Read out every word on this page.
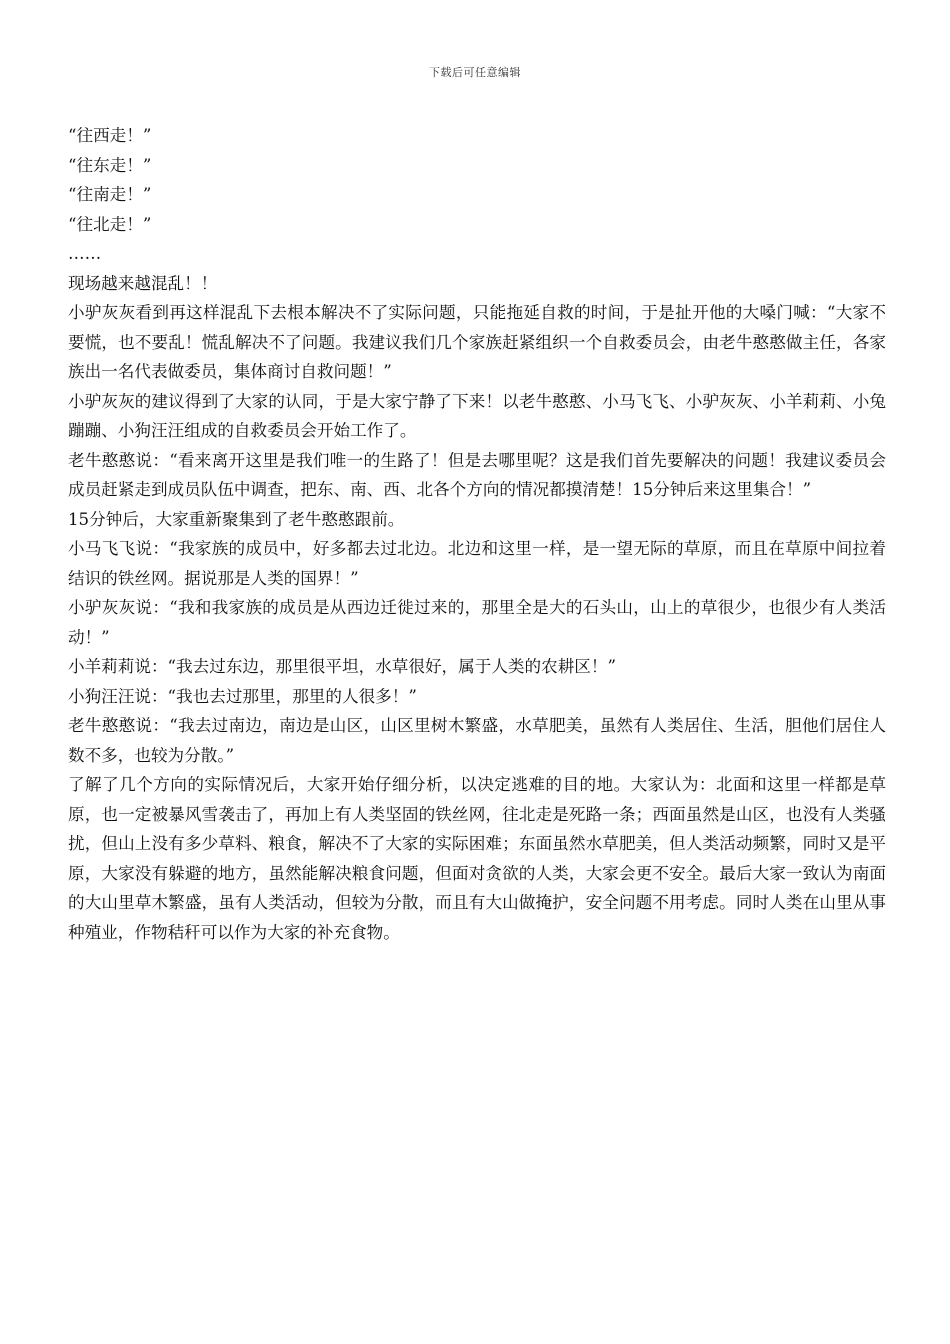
下载后可任意编辑

“往西走！”

“往东走！”

“往南走！”

“往北走！”

……

现场越来越混乱！！

小驴灰灰看到再这样混乱下去根本解决不了实际问题，只能拖延自救的时间，于是扯开他的大嗓门喊：“大家不要慌，也不要乱！慌乱解决不了问题。我建议我们几个家族赶紧组织一个自救委员会，由老牛憨憨做主任，各家族出一名代表做委员，集体商讨自救问题！”

小驴灰灰的建议得到了大家的认同，于是大家宁静了下来！以老牛憨憨、小马飞飞、小驴灰灰、小羊莉莉、小兔蹦蹦、小狗汪汪组成的自救委员会开始工作了。

老牛憨憨说：“看来离开这里是我们唯一的生路了！但是去哪里呢？这是我们首先要解决的问题！我建议委员会成员赶紧走到成员队伍中调查，把东、南、西、北各个方向的情况都摸清楚！15分钟后来这里集合！”

15分钟后，大家重新聚集到了老牛憨憨跟前。

小马飞飞说：“我家族的成员中，好多都去过北边。北边和这里一样，是一望无际的草原，而且在草原中间拉着结识的铁丝网。据说那是人类的国界！”

小驴灰灰说：“我和我家族的成员是从西边迁徙过来的，那里全是大的石头山，山上的草很少，也很少有人类活动！”

小羊莉莉说：“我去过东边，那里很平坦，水草很好，属于人类的农耕区！”

小狗汪汪说：“我也去过那里，那里的人很多！”

老牛憨憨说：“我去过南边，南边是山区，山区里树木繁盛，水草肥美，虽然有人类居住、生活，胆他们居住人数不多，也较为分散。”

了解了几个方向的实际情况后，大家开始仔细分析，以决定逃难的目的地。大家认为：北面和这里一样都是草原，也一定被暴风雪袭击了，再加上有人类坚固的铁丝网，往北走是死路一条；西面虽然是山区，也没有人类骚扰，但山上没有多少草料、粮食，解决不了大家的实际困难；东面虽然水草肥美，但人类活动频繁，同时又是平原，大家没有躲避的地方，虽然能解决粮食问题，但面对贪欲的人类，大家会更不安全。最后大家一致认为南面的大山里草木繁盛，虽有人类活动，但较为分散，而且有大山做掩护，安全问题不用考虑。同时人类在山里从事种殖业，作物秸秆可以作为大家的补充食物。
